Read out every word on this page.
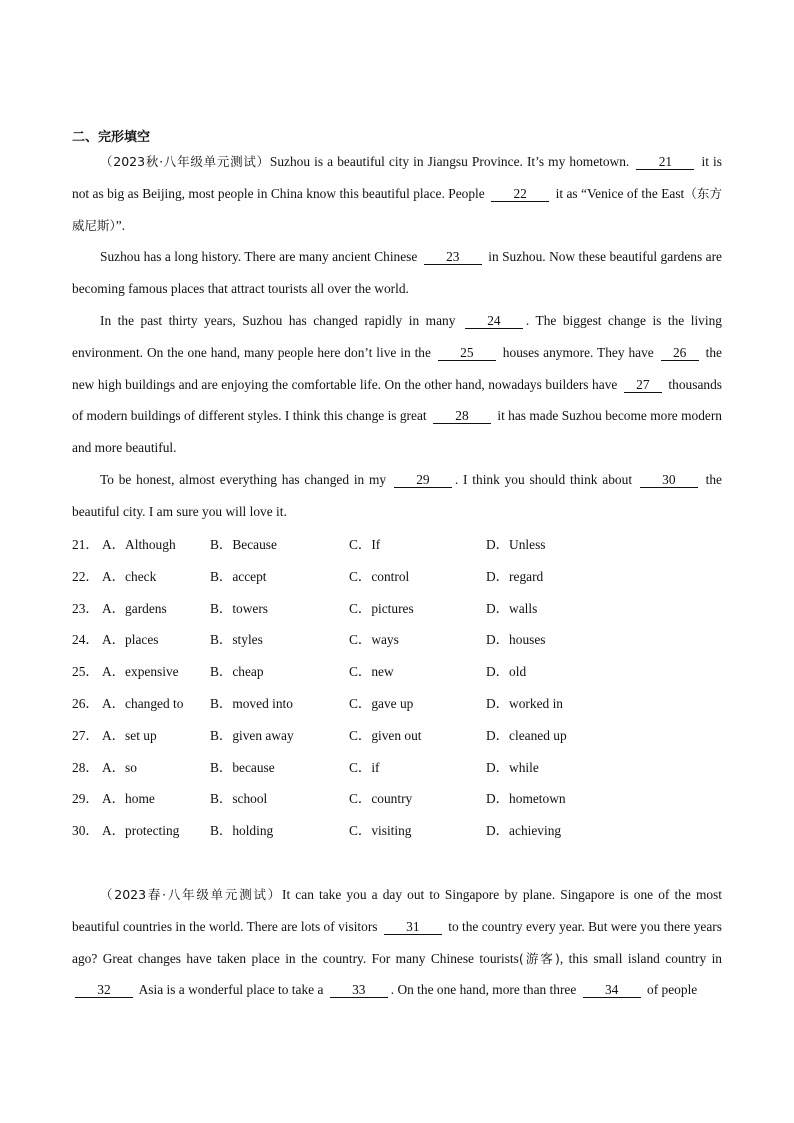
二、完形填空

（2023秋·八年级单元测试）Suzhou is a beautiful city in Jiangsu Province. It’s my hometown. 21 it is not as big as Beijing, most people in China know this beautiful place. People 22 it as “Venice of the East（东方威尼斯）”.

Suzhou has a long history. There are many ancient Chinese 23 in Suzhou. Now these beautiful gardens are becoming famous places that attract tourists all over the world.

In the past thirty years, Suzhou has changed rapidly in many 24 . The biggest change is the living environment. On the one hand, many people here don’t live in the 25 houses anymore. They have 26 the new high buildings and are enjoying the comfortable life. On the other hand, nowadays builders have 27 thousands of modern buildings of different styles. I think this change is great 28 it has made Suzhou become more modern and more beautiful.

To be honest, almost everything has changed in my 29 . I think you should think about 30 the beautiful city. I am sure you will love it.

21． A．Although	B．Because	C．If	D．Unless
22． A．check	B．accept	C．control	D．regard
23． A．gardens	B．towers	C．pictures	D．walls
24． A．places	B．styles	C．ways	D．houses
25． A．expensive B．cheap	C．new	D．old
26． A．changed to B．moved into	C．gave up	D．worked in
27． A．set up	B．given away	C．given out	D．cleaned up
28． A．so	B．because	C．if	D．while
29． A．home	B．school	C．country	D．hometown
30． A．protecting B．holding	C．visiting	D．achieving

（2023春·八年级单元测试）It can take you a day out to Singapore by plane. Singapore is one of the most beautiful countries in the world. There are lots of visitors 31 to the country every year. But were you there years ago? Great changes have taken place in the country. For many Chinese tourists(游客), this small island country in 32 Asia is a wonderful place to take a 33 . On the one hand, more than three 34 of people
